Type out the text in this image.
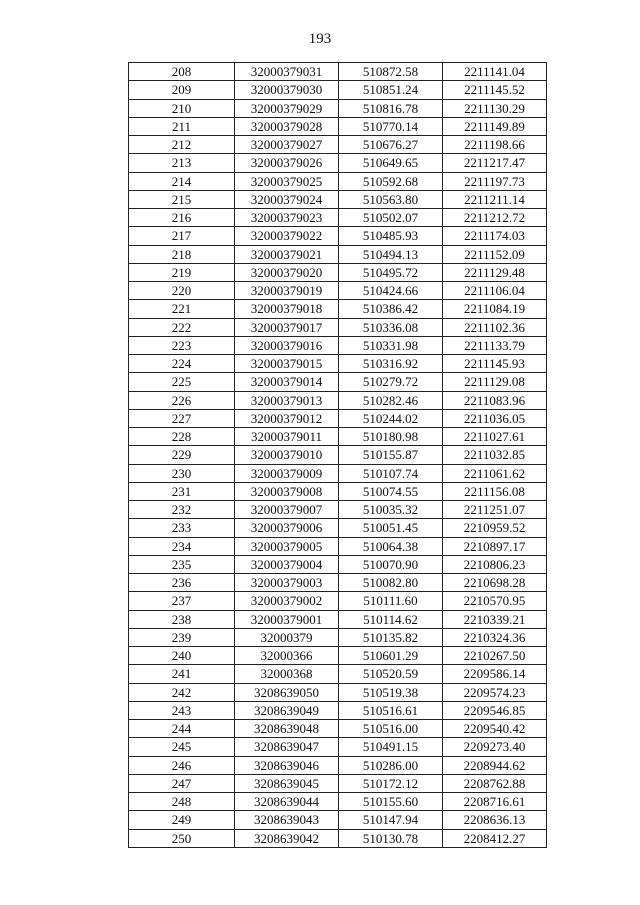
193
208	32000379031	510872.58	2211141.04
209	32000379030	510851.24	2211145.52
210	32000379029	510816.78	2211130.29
211	32000379028	510770.14	2211149.89
212	32000379027	510676.27	2211198.66
213	32000379026	510649.65	2211217.47
214	32000379025	510592.68	2211197.73
215	32000379024	510563.80	2211211.14
216	32000379023	510502.07	2211212.72
217	32000379022	510485.93	2211174.03
218	32000379021	510494.13	2211152.09
219	32000379020	510495.72	2211129.48
220	32000379019	510424.66	2211106.04
221	32000379018	510386.42	2211084.19
222	32000379017	510336.08	2211102.36
223	32000379016	510331.98	2211133.79
224	32000379015	510316.92	2211145.93
225	32000379014	510279.72	2211129.08
226	32000379013	510282.46	2211083.96
227	32000379012	510244.02	2211036.05
228	32000379011	510180.98	2211027.61
229	32000379010	510155.87	2211032.85
230	32000379009	510107.74	2211061.62
231	32000379008	510074.55	2211156.08
232	32000379007	510035.32	2211251.07
233	32000379006	510051.45	2210959.52
234	32000379005	510064.38	2210897.17
235	32000379004	510070.90	2210806.23
236	32000379003	510082.80	2210698.28
237	32000379002	510111.60	2210570.95
238	32000379001	510114.62	2210339.21
239	32000379	510135.82	2210324.36
240	32000366	510601.29	2210267.50
241	32000368	510520.59	2209586.14
242	3208639050	510519.38	2209574.23
243	3208639049	510516.61	2209546.85
244	3208639048	510516.00	2209540.42
245	3208639047	510491.15	2209273.40
246	3208639046	510286.00	2208944.62
247	3208639045	510172.12	2208762.88
248	3208639044	510155.60	2208716.61
249	3208639043	510147.94	2208636.13
250	3208639042	510130.78	2208412.27
